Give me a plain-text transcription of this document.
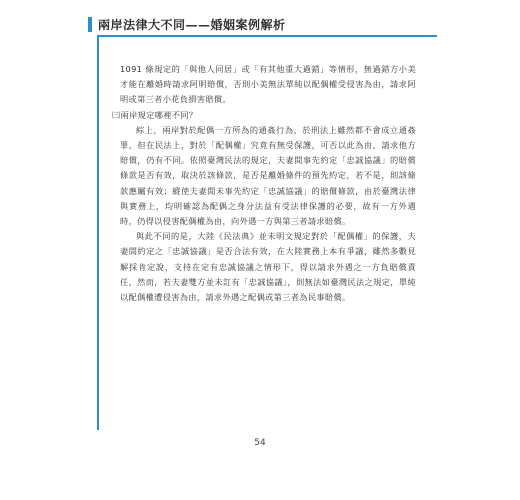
兩岸法律大不同——婚姻案例解析

1091 條規定的「與他人同居」或「有其他重大過錯」等情形，無過錯方小美才能在離婚時請求阿明賠償，否則小美無法單純以配偶權受侵害為由，請求阿明或第三者小花負損害賠償。

㈢兩岸規定哪裡不同？

綜上，兩岸對於配偶一方所為的通姦行為，於刑法上雖然都不會成立通姦罪，但在民法上，對於「配偶權」究竟有無受保護，可否以此為由，請求他方賠償，仍有不同。依照臺灣民法的規定，夫妻間事先約定「忠誠協議」的賠償條款是否有效，取決於該條款，是否是離婚條件的預先約定，若不是，則該條款應屬有效；縱使夫妻間未事先約定「忠誠協議」的賠償條款，由於臺灣法律與實務上，均明確認為配偶之身分法益有受法律保護的必要，故有一方外遇時，仍得以侵害配偶權為由，向外遇一方與第三者請求賠償。

與此不同的是，大陸《民法典》並未明文規定對於「配偶權」的保護，夫妻間約定之「忠誠協議」是否合法有效，在大陸實務上本有爭議，雖然多數見解採肯定說，支持在定有忠誠協議之情形下，得以請求外遇之一方負賠償責任，然而，若夫妻雙方並未訂有「忠誠協議」，則無法如臺灣民法之規定，單純以配偶權遭侵害為由，請求外遇之配偶或第三者為民事賠償。

54
